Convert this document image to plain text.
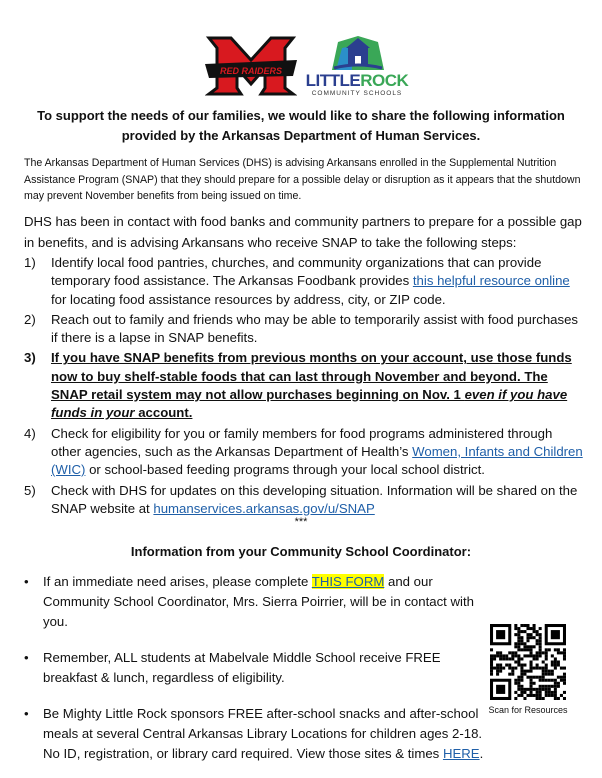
RED RAIDERS	LITTLEROCK
COMMUNITY SCHOOLS
To support the needs of our families, we would like to share the following information
provided by the Arkansas Department of Human Services.
The Arkansas Department of Human Services (DHS) is advising Arkansans enrolled in the Supplemental Nutrition Assistance Program (SNAP) that they should prepare for a possible delay or disruption as it appears that the shutdown may prevent November benefits from being issued on time.
DHS has been in contact with food banks and community partners to prepare for a possible gap in benefits, and is advising Arkansans who receive SNAP to take the following steps:
1) Identify local food pantries, churches, and community organizations that can provide temporary food assistance. The Arkansas Foodbank provides this helpful resource online for locating food assistance resources by address, city, or ZIP code.
2) Reach out to family and friends who may be able to temporarily assist with food purchases if there is a lapse in SNAP benefits.
3) If you have SNAP benefits from previous months on your account, use those funds now to buy shelf-stable foods that can last through November and beyond. The SNAP retail system may not allow purchases beginning on Nov. 1 even if you have funds in your account.
4) Check for eligibility for you or family members for food programs administered through other agencies, such as the Arkansas Department of Health’s Women, Infants and Children (WIC) or school-based feeding programs through your local school district.
5) Check with DHS for updates on this developing situation. Information will be shared on the SNAP website at humanservices.arkansas.gov/u/SNAP
***
Information from your Community School Coordinator:
• If an immediate need arises, please complete THIS FORM and our Community School Coordinator, Mrs. Sierra Poirrier, will be in contact with you.
• Remember, ALL students at Mabelvale Middle School receive FREE breakfast & lunch, regardless of eligibility.
• Be Mighty Little Rock sponsors FREE after-school snacks and after-school meals at several Central Arkansas Library Locations for children ages 2-18. No ID, registration, or library card required. View those sites & times HERE.
Scan for Resources
